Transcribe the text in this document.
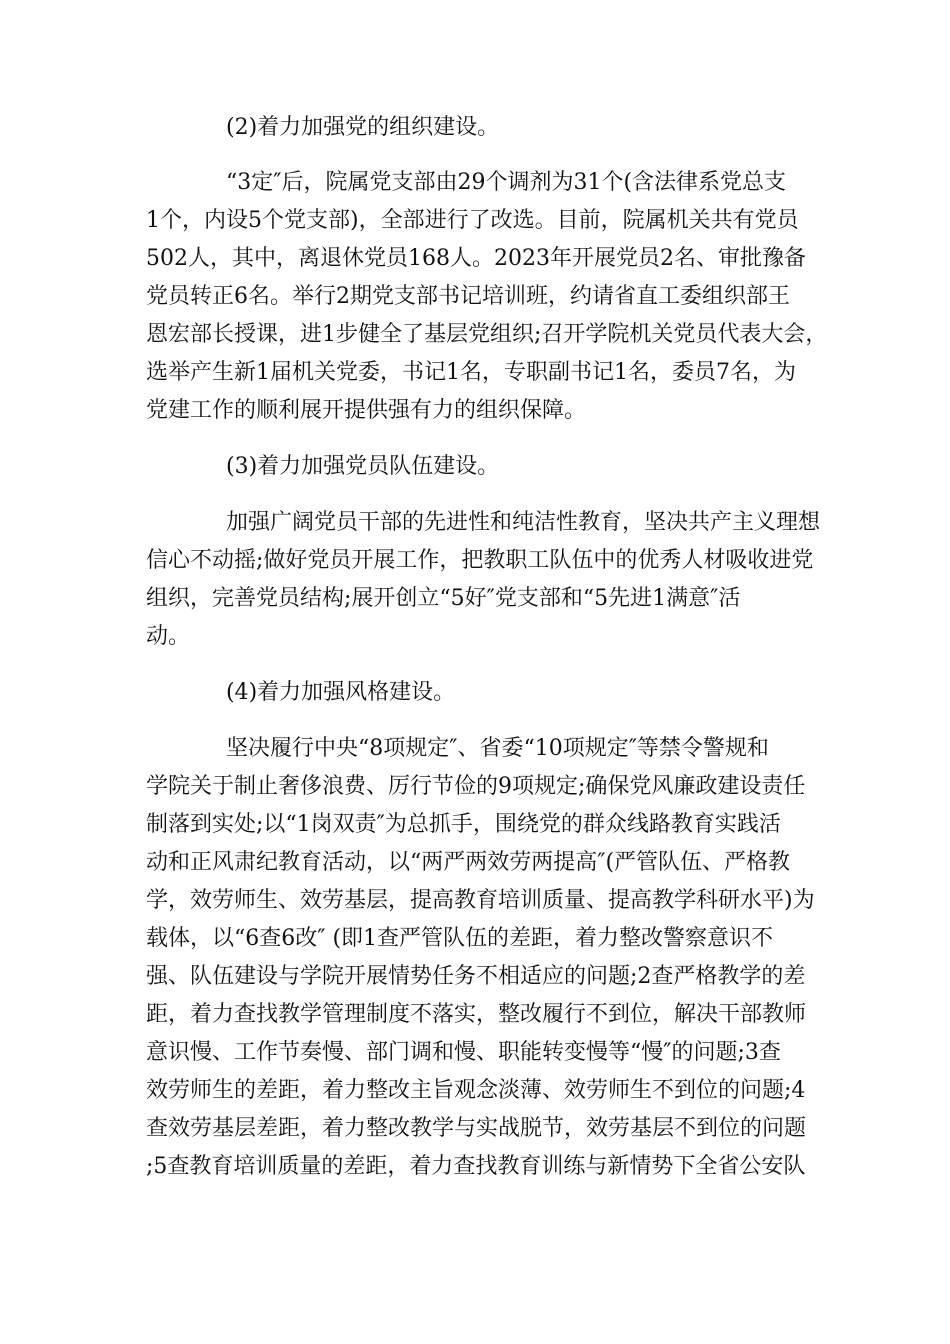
(2)着力加强党的组织建设。
“3定″后，院属党支部由29个调剂为31个(含法律系党总支
1个，内设5个党支部)，全部进行了改选。目前，院属机关共有党员
502人，其中，离退休党员168人。2023年开展党员2名、审批豫备
党员转正6名。举行2期党支部书记培训班，约请省直工委组织部王
恩宏部长授课，进1步健全了基层党组织;召开学院机关党员代表大会，
选举产生新1届机关党委，书记1名，专职副书记1名，委员7名，为
党建工作的顺利展开提供强有力的组织保障。
(3)着力加强党员队伍建设。
加强广阔党员干部的先进性和纯洁性教育，坚决共产主义理想
信心不动摇;做好党员开展工作，把教职工队伍中的优秀人材吸收进党
组织，完善党员结构;展开创立“5好″党支部和“5先进1满意″活
动。
(4)着力加强风格建设。
坚决履行中央“8项规定″、省委“10项规定″等禁令警规和
学院关于制止奢侈浪费、厉行节俭的9项规定;确保党风廉政建设责任
制落到实处;以“1岗双责″为总抓手，围绕党的群众线路教育实践活
动和正风肃纪教育活动，以“两严两效劳两提高″(严管队伍、严格教
学，效劳师生、效劳基层，提高教育培训质量、提高教学科研水平)为
载体，以“6查6改″ (即1查严管队伍的差距，着力整改警察意识不
强、队伍建设与学院开展情势任务不相适应的问题;2查严格教学的差
距，着力查找教学管理制度不落实，整改履行不到位，解决干部教师
意识慢、工作节奏慢、部门调和慢、职能转变慢等“慢″的问题;3查
效劳师生的差距，着力整改主旨观念淡薄、效劳师生不到位的问题;4
查效劳基层差距，着力整改教学与实战脱节，效劳基层不到位的问题
;5查教育培训质量的差距，着力查找教育训练与新情势下全省公安队
